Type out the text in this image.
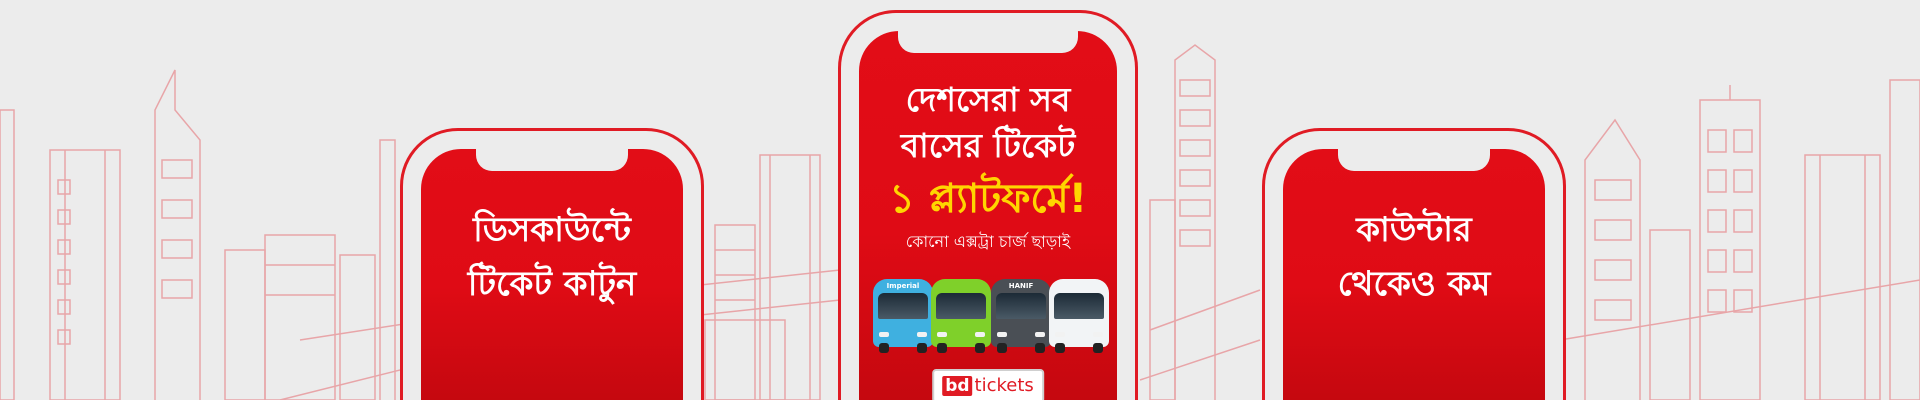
ডিসকাউন্টে
টিকেট কাটুন
দেশসেরা সব
বাসের টিকেট
১ প্ল্যাটফর্মে!
কোনো এক্সট্রা চার্জ ছাড়াই
Imperial	HANIF
bd tickets
কাউন্টার
থেকেও কম
